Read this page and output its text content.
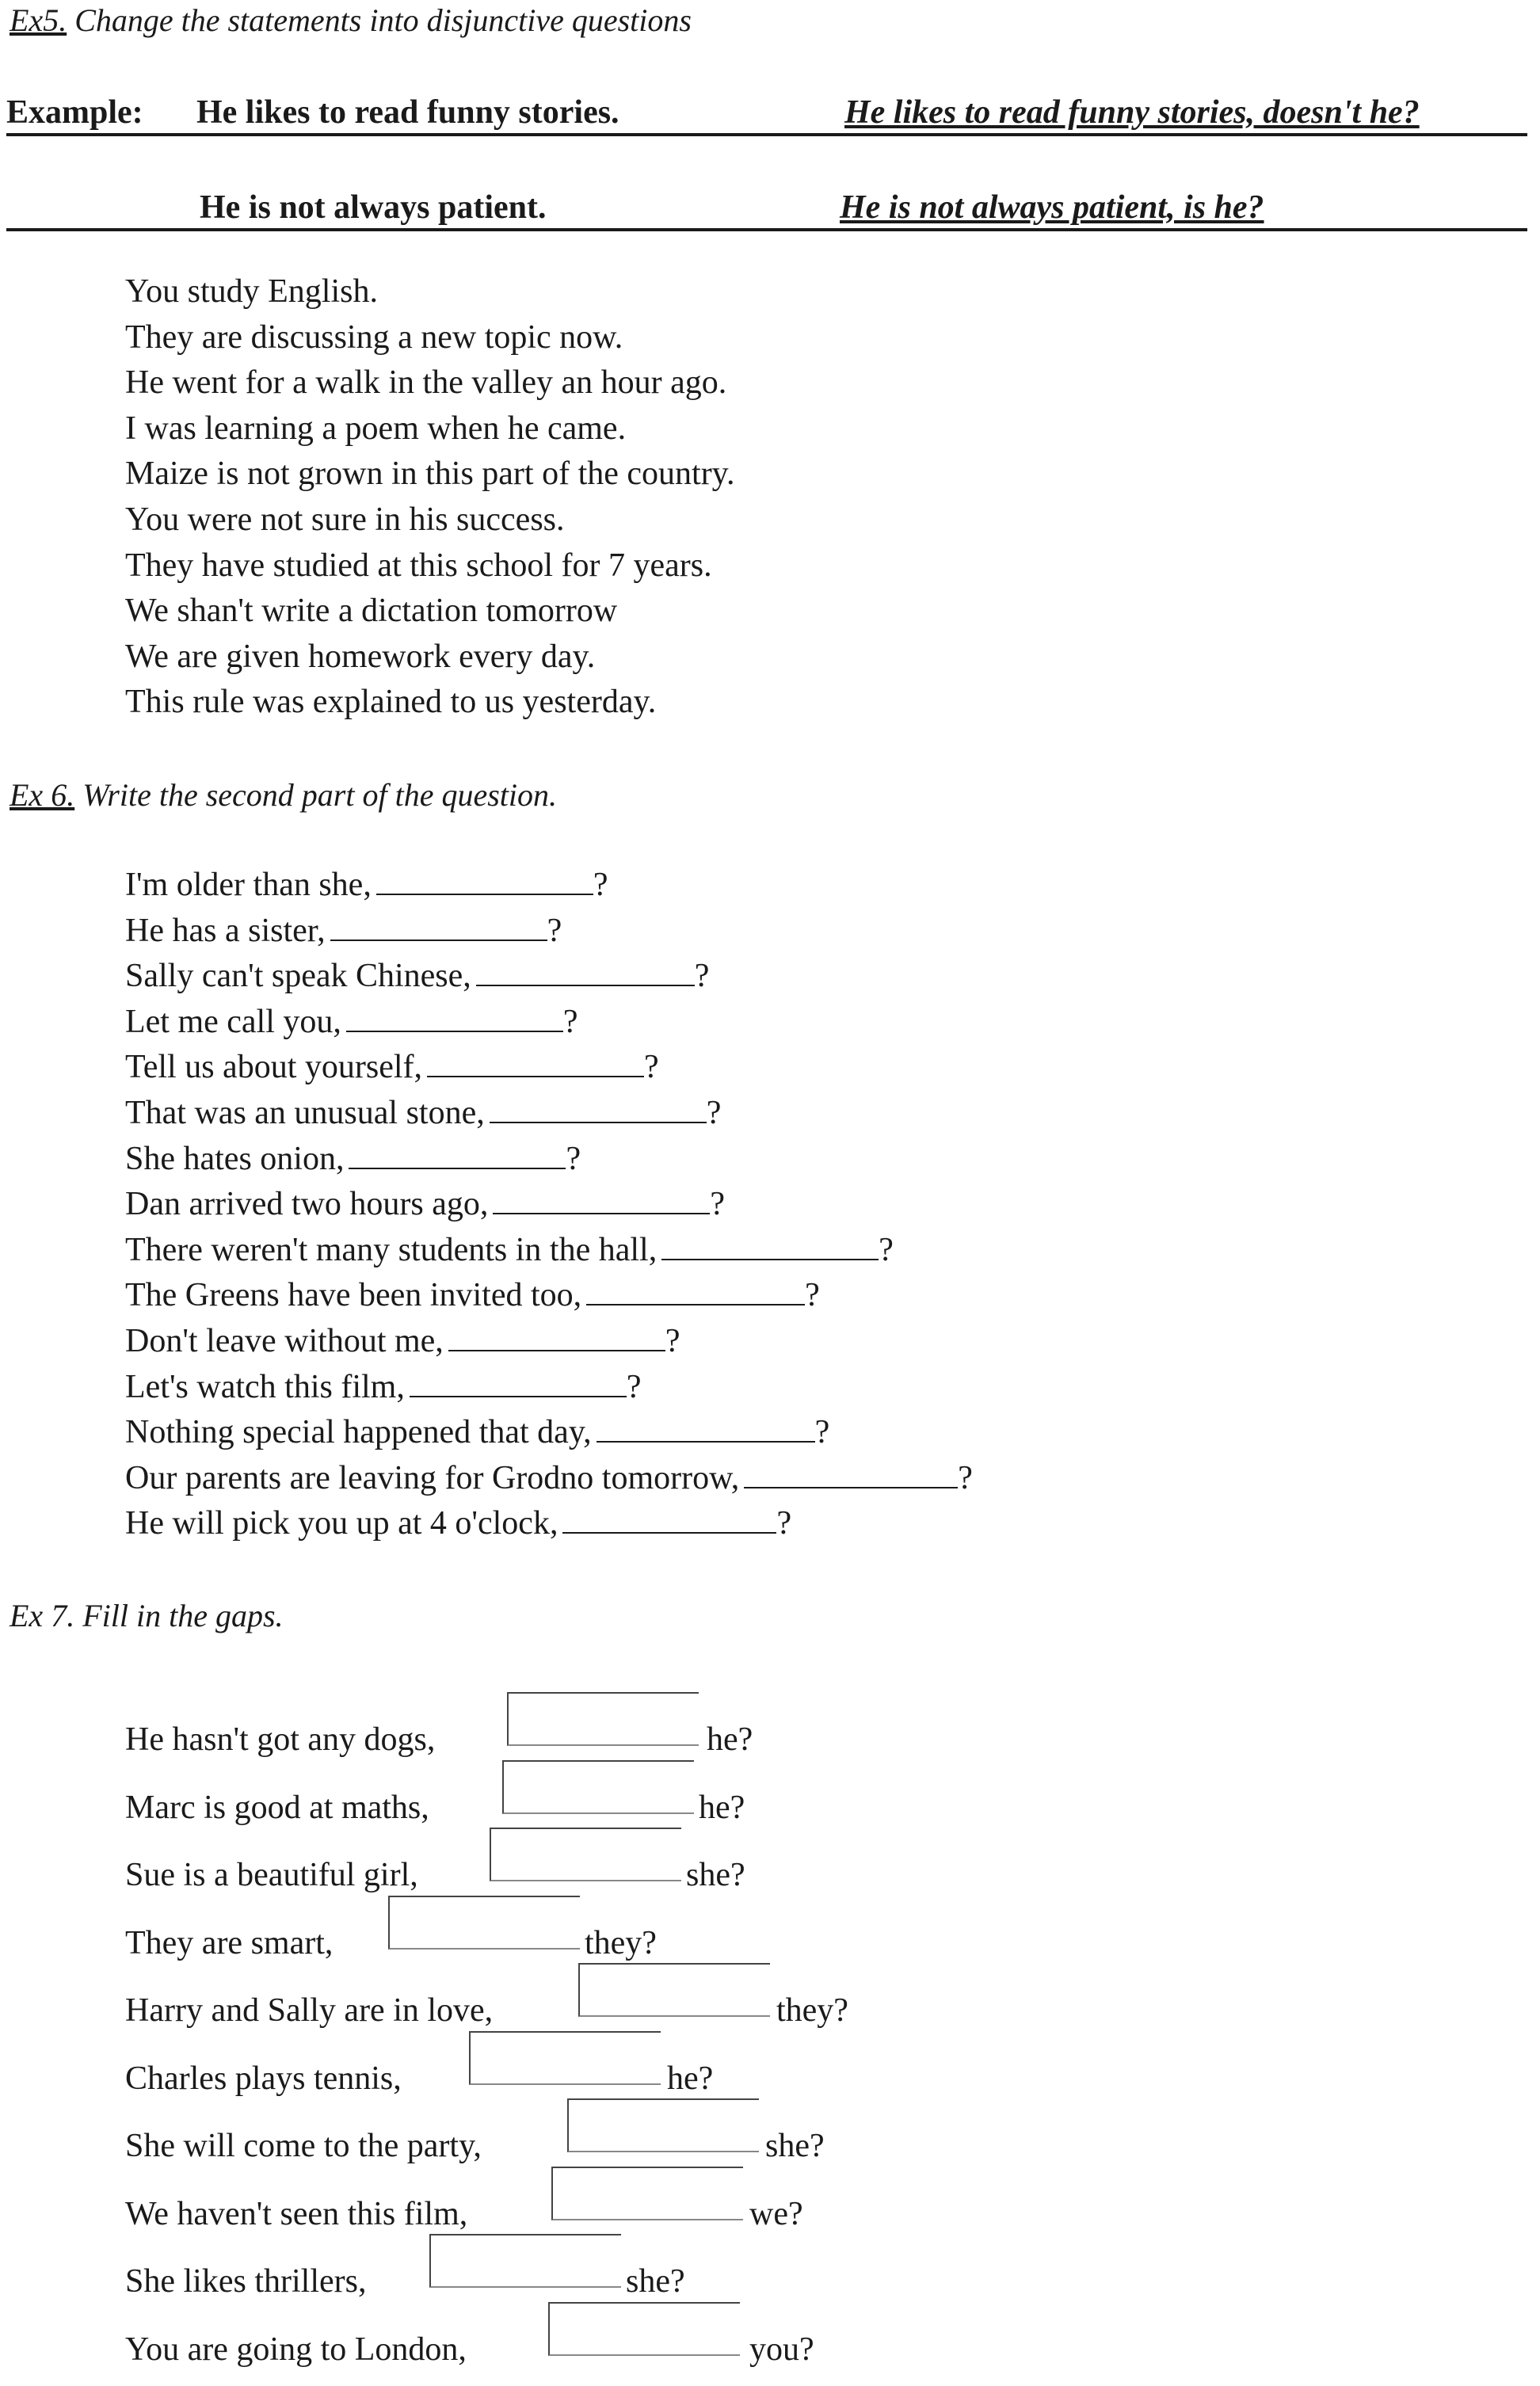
Ex5. Change the statements into disjunctive questions
Example: He likes to read funny stories.	He likes to read funny stories, doesn't he?
He is not always patient.	He is not always patient, is he?
You study English.
They are discussing a new topic now.
He went for a walk in the valley an hour ago.
I was learning a poem when he came.
Maize is not grown in this part of the country.
You were not sure in his success.
They have studied at this school for 7 years.
We shan't write a dictation tomorrow
We are given homework every day.
This rule was explained to us yesterday.
Ex 6. Write the second part of the question.
I'm older than she,	?
He has a sister,	?
Sally can't speak Chinese,	?
Let me call you,	?
Tell us about yourself,	?
That was an unusual stone,	?
She hates onion,	?
Dan arrived two hours ago,	?
There weren't many students in the hall,	?
The Greens have been invited too,	?
Don't leave without me,	?
Let's watch this film,	?
Nothing special happened that day,	?
Our parents are leaving for Grodno tomorrow,	?
He will pick you up at 4 o'clock,	?
Ex 7. Fill in the gaps.
He hasn't got any dogs,	he?
Marc is good at maths,	he?
Sue is a beautiful girl,	she?
They are smart,	they?
Harry and Sally are in love,	they?
Charles plays tennis,	he?
She will come to the party,	she?
We haven't seen this film,	we?
She likes thrillers,	she?
You are going to London,	you?
